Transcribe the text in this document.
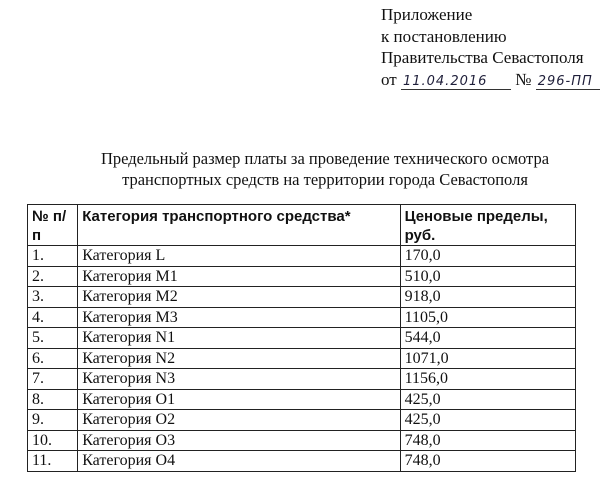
Приложение
к постановлению
Правительства Севастополя
от 11.04.2016 № 296-ПП
Предельный размер платы за проведение технического осмотра
транспортных средств на территории города Севастополя
№ п/п	Категория транспортного средства*	Ценовые пределы, руб.
1.	Категория L	170,0
2.	Категория M1	510,0
3.	Категория M2	918,0
4.	Категория M3	1105,0
5.	Категория N1	544,0
6.	Категория N2	1071,0
7.	Категория N3	1156,0
8.	Категория O1	425,0
9.	Категория O2	425,0
10.	Категория O3	748,0
11.	Категория O4	748,0
